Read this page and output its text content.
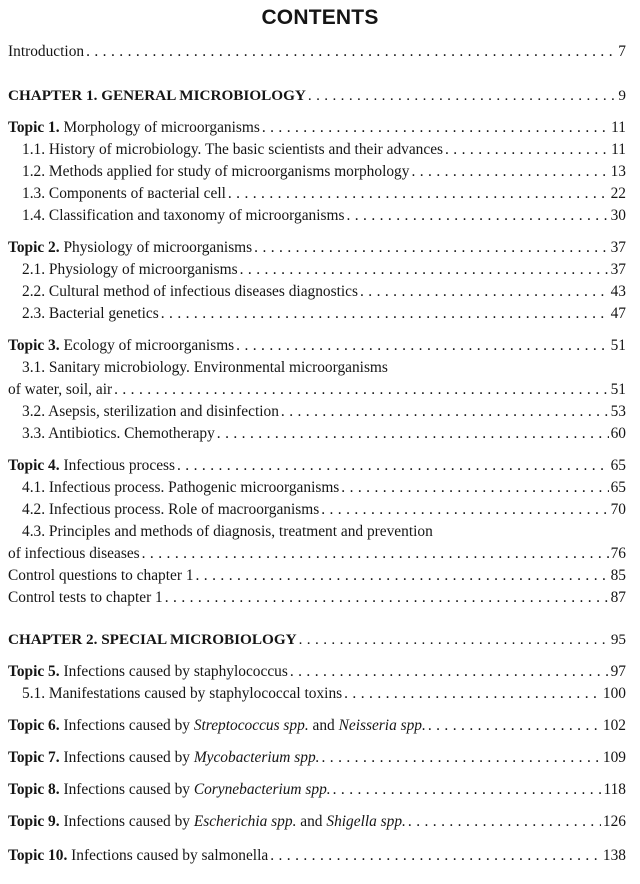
CONTENTS
Introduction . . .	7
CHAPTER 1. GENERAL MICROBIOLOGY . . .	9
Topic 1. Morphology of microorganisms . . .	11
1.1. History of microbiology. The basic scientists and their advances . . .	11
1.2. Methods applied for study of microorganisms morphology . . .	13
1.3. Components of вacterial cell . . .	22
1.4. Classification and taxonomy of microorganisms . . .	30
Topic 2. Physiology of microorganisms . . .	37
2.1. Physiology of microorganisms . . .	37
2.2. Cultural method of infectious diseases diagnostics . . .	43
2.3. Bacterial genetics . . .	47
Topic 3. Ecology of microorganisms . . .	51
3.1. Sanitary microbiology. Environmental microorganisms
of water, soil, air . . .	51
3.2. Asepsis, sterilization and disinfection . . .	53
3.3. Antibiotics. Chemotherapy . . .	60
Topic 4. Infectious process . . .	65
4.1. Infectious process. Pathogenic microorganisms . . .	65
4.2. Infectious process. Role of macroorganisms . . .	70
4.3. Principles and methods of diagnosis, treatment and prevention
of infectious diseases . . .	76
Control questions to chapter 1 . . .	85
Control tests to chapter 1 . . .	87
CHAPTER 2. SPECIAL MICROBIOLOGY . . .	95
Topic 5. Infections caused by staphylococcus . . .	97
5.1. Manifestations caused by staphylococcal toxins . . .	100
Topic 6. Infections caused by Streptococcus spp. and Neisseria spp. . . .	102
Topic 7. Infections caused by Mycobacterium spp. . . .	109
Topic 8. Infections caused by Corynebacterium spp. . . .	118
Topic 9. Infections caused by Escherichia spp. and Shigella spp. . . .	126
Topic 10. Infections caused by salmonella . . .	138
